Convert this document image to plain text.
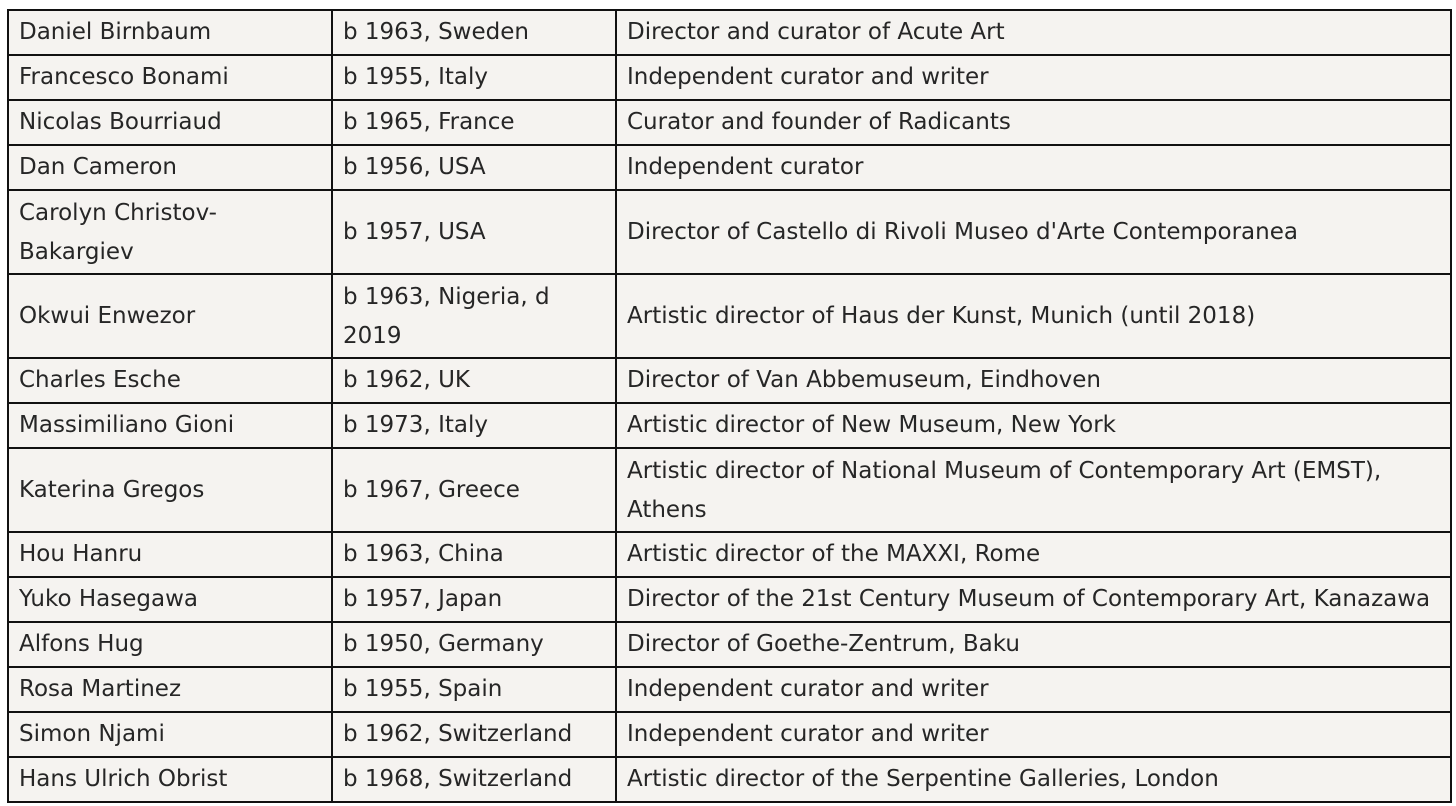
Daniel Birnbaum	b 1963, Sweden	Director and curator of Acute Art
Francesco Bonami	b 1955, Italy	Independent curator and writer
Nicolas Bourriaud	b 1965, France	Curator and founder of Radicants
Dan Cameron	b 1956, USA	Independent curator
Carolyn Christov-Bakargiev	b 1957, USA	Director of Castello di Rivoli Museo d'Arte Contemporanea
Okwui Enwezor	b 1963, Nigeria, d 2019	Artistic director of Haus der Kunst, Munich (until 2018)
Charles Esche	b 1962, UK	Director of Van Abbemuseum, Eindhoven
Massimiliano Gioni	b 1973, Italy	Artistic director of New Museum, New York
Katerina Gregos	b 1967, Greece	Artistic director of National Museum of Contemporary Art (EMST), Athens
Hou Hanru	b 1963, China	Artistic director of the MAXXI, Rome
Yuko Hasegawa	b 1957, Japan	Director of the 21st Century Museum of Contemporary Art, Kanazawa
Alfons Hug	b 1950, Germany	Director of Goethe-Zentrum, Baku
Rosa Martinez	b 1955, Spain	Independent curator and writer
Simon Njami	b 1962, Switzerland	Independent curator and writer
Hans Ulrich Obrist	b 1968, Switzerland	Artistic director of the Serpentine Galleries, London
